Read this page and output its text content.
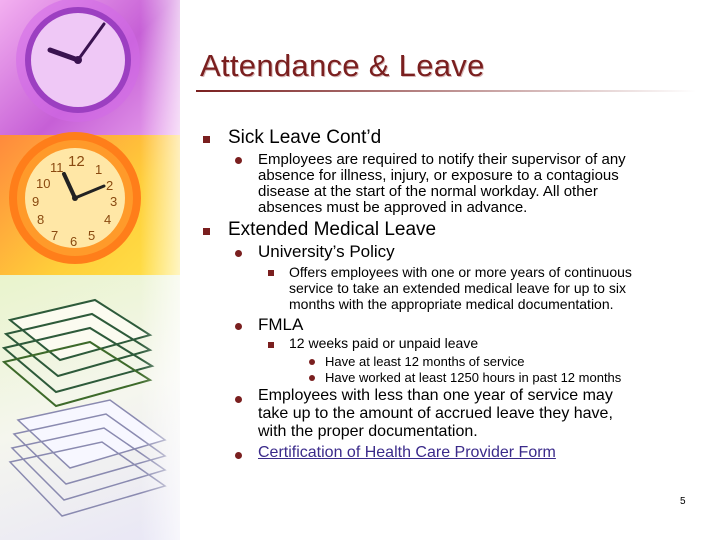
12 1
2
3
4
5
6
7
8
9
10
11
Attendance & Leave
Sick Leave Cont’d
Employees are required to notify their supervisor of any
absence for illness, injury, or exposure to a contagious
disease at the start of the normal workday. All other
absences must be approved in advance.
Extended Medical Leave
University’s Policy
Offers employees with one or more years of continuous
service to take an extended medical leave for up to six
months with the appropriate medical documentation.
FMLA
12 weeks paid or unpaid leave
Have at least 12 months of service
Have worked at least 1250 hours in past 12 months
Employees with less than one year of service may
take up to the amount of accrued leave they have,
with the proper documentation.
Certification of Health Care Provider Form
5
